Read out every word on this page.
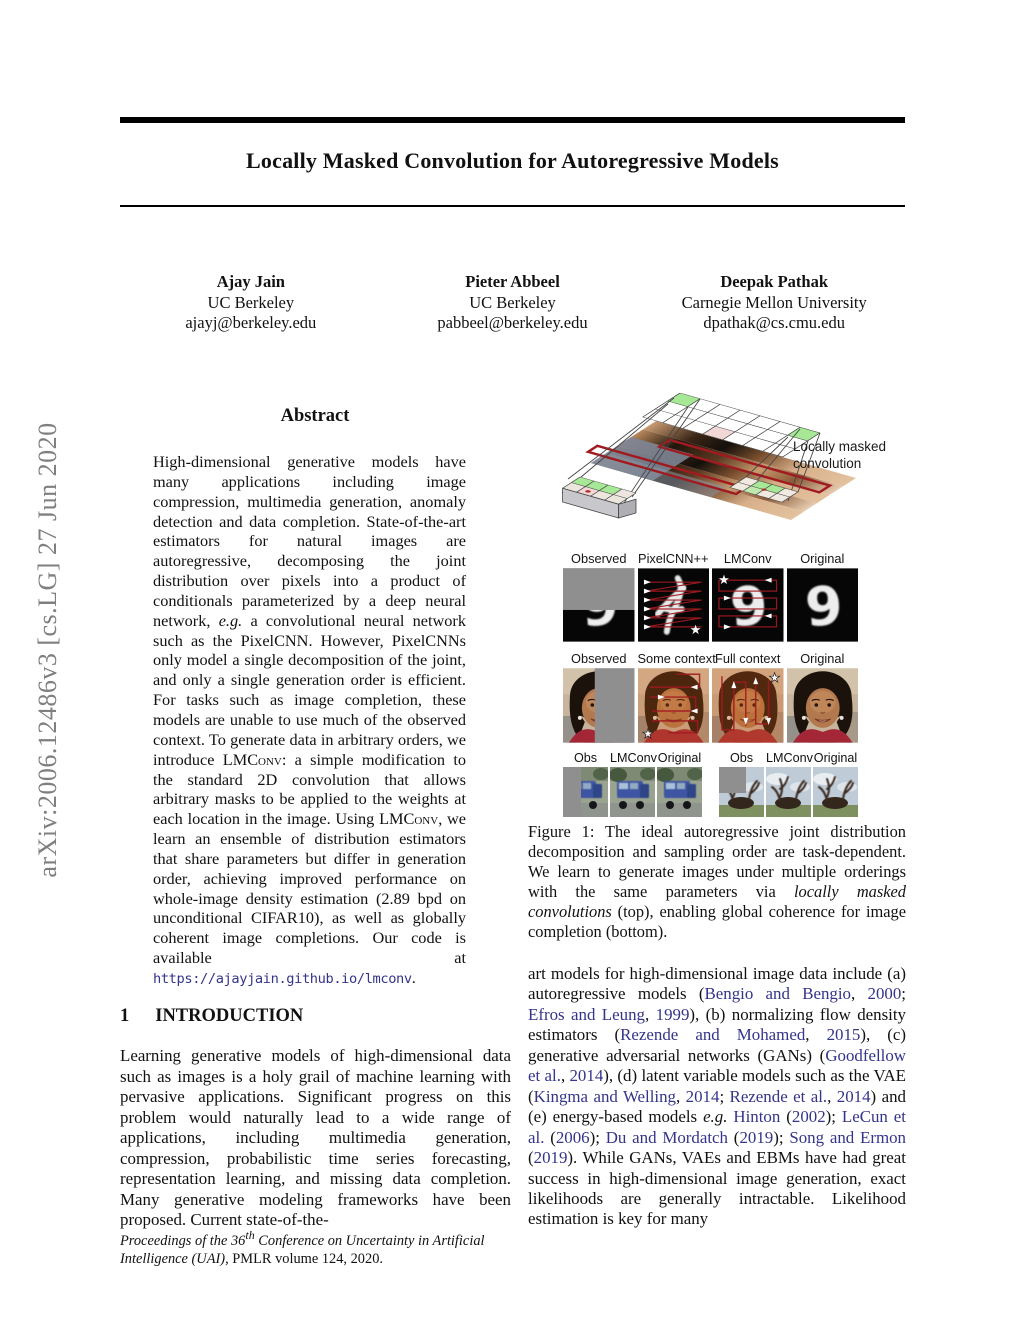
arXiv:2006.12486v3 [cs.LG] 27 Jun 2020
Locally Masked Convolution for Autoregressive Models
Ajay Jain
UC Berkeley
ajayj@berkeley.edu
Pieter Abbeel
UC Berkeley
pabbeel@berkeley.edu
Deepak Pathak
Carnegie Mellon University
dpathak@cs.cmu.edu
Abstract
High-dimensional generative models have many applications including image compression, multimedia generation, anomaly detection and data completion. State-of-the-art estimators for natural images are autoregressive, decomposing the joint distribution over pixels into a product of conditionals parameterized by a deep neural network, e.g. a convolutional neural network such as the PixelCNN. However, PixelCNNs only model a single decomposition of the joint, and only a single generation order is efficient. For tasks such as image completion, these models are unable to use much of the observed context. To generate data in arbitrary orders, we introduce LMConv: a simple modification to the standard 2D convolution that allows arbitrary masks to be applied to the weights at each location in the image. Using LMConv, we learn an ensemble of distribution estimators that share parameters but differ in generation order, achieving improved performance on whole-image density estimation (2.89 bpd on unconditional CIFAR10), as well as globally coherent image completions. Our code is available at https://ajayjain.github.io/lmconv.
1 INTRODUCTION
Learning generative models of high-dimensional data such as images is a holy grail of machine learning with pervasive applications. Significant progress on this problem would naturally lead to a wide range of applications, including multimedia generation, compression, probabilistic time series forecasting, representation learning, and missing data completion. Many generative modeling frameworks have been proposed. Current state-of-the-
Proceedings of the 36th Conference on Uncertainty in Artificial Intelligence (UAI), PMLR volume 124, 2020.
Locally masked convolution
Observed PixelCNN++	LMConv	Original
★
★
Observed Some context Full context	Original
★
★
Obs	LMConv Original	Obs	LMConv Original
Figure 1: The ideal autoregressive joint distribution decomposition and sampling order are task-dependent. We learn to generate images under multiple orderings with the same parameters via locally masked convolutions (top), enabling global coherence for image completion (bottom).
art models for high-dimensional image data include (a) autoregressive models (Bengio and Bengio, 2000; Efros and Leung, 1999), (b) normalizing flow density estimators (Rezende and Mohamed, 2015), (c) generative adversarial networks (GANs) (Goodfellow et al., 2014), (d) latent variable models such as the VAE (Kingma and Welling, 2014; Rezende et al., 2014) and (e) energy-based models e.g. Hinton (2002); LeCun et al. (2006); Du and Mordatch (2019); Song and Ermon (2019). While GANs, VAEs and EBMs have had great success in high-dimensional image generation, exact likelihoods are generally intractable. Likelihood estimation is key for many
